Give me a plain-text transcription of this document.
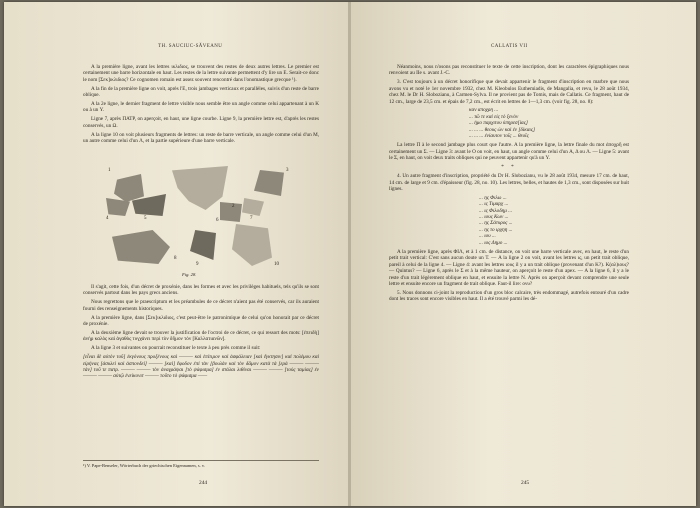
TH. SAUCIUC-SĂVEANU

A la première ligne, avant les lettres ικλιδιος, se trouvent des restes de deux autres lettres. Le premier est certainement une barre horizontale en haut. Les restes de la lettre suivante permettent d'y lire un Ε. Serait-ce donc le nom [Σεκ]ικλιδιος? Ce cognomen romain est assez souvent rencontré dans l'onomastique grecque ¹).

A la fin de la première ligne on voit, après l'Ε, trois jambages verticaux et parallèles, suivis d'un reste de barre oblique.

A la 2e ligne, le dernier fragment de lettre visible nous semble être un angle comme celui appartenant à un Κ ou à un Υ.

Ligne 7, après ΠΑΤΡ, on aperçoit, en haut, une ligne courbe. Ligne 9, la première lettre est, d'après les restes conservés, un Ω.

A la ligne 10 on voit plusieurs fragments de lettres: un reste de barre verticale, un angle comme celui d'un Μ, un autre comme celui d'un Λ, et la partie supérieure d'une barre verticale.

1
2
3
4	5	6	7
8
9	10
Fig. 28.

Il s'agit, cette fois, d'un décret de proxénie, dans les formes et avec les privilèges habituels, tels qu'ils se sont conservés partout dans les pays grecs anciens.

Nous regrettons que le praescriptum et les préambules de ce décret n'aient pas été conservés, car ils auraient fourni des renseignements historiques.

A la première ligne, dans [Σεκ]ικλιδιος, c'est peut-être le patronimique de celui qu'on honorait par ce décret de proxénie.

A la deuxième ligne devait se trouver la justification de l'octroi de ce décret, ce qui ressort des mots: [ἐπειδὴ] ἀνὴρ καλὸς καὶ ἀγαθὸς τυγχάνει περὶ τὸν δῆμον τὸν [Καλλατιανῶν].

A la ligne 3 et suivantes on pourrait reconstituer le texte à peu près comme il suit:

[εἶναι δὲ αὐτὸν τοῦ] ἐκγόνους προξένους καὶ ——— καὶ ἐπίτιμον καὶ ἀσφάλειαν [καὶ ἔγκτησιν] καὶ πολέμου καὶ εἰρήνας [ἀσυλεὶ καὶ ἀσπονδεὶ] ——— [καὶ] ἔφοδον ἐπὶ τὰν [βουλὰν καὶ τὸν δᾶμον κατὰ τὰ [ερά ——— ——— τὰν] τοῦ τε πατρ. ——— ——— τὸν ἀναγράψαι [τὸ ψάφισμα] ἐν στάλαι λιθίναι ——— ——— [τοὺς ταμίας] ἐν ——— ——— αὐτῷ ἐνείκονιτ ——— τοῦτο τὸ ψάφισμα ——

¹) V. Pape-Benseler, Wörterbuch der griechischen Eigennamen, s. v.
244
CALLATIS VII

Néanmoins, nous n'osons pas reconstituer le texte de cette inscription, dont les caractères épigraphiques nous renvoient au IIe s. avant J.-C.

3. C'est toujours à un décret honorifique que devait appartenir le fragment d'inscription en marbre que nous avons vu et noté le 1er novembre 1932, chez M. Kleobulos Euthemiadis, de Mangalia, et revu, le 28 août 1934, chez M. le Dr H. Slobozianu, à Carmen-Sylva. Il ne provient pas de Tomis, mais de Callatis. Ce fragment, haut de 12 cm., large de 23,5 cm. et épais de 7,2 cm., est écrit en lettres de 1—1,3 cm. (voir fig. 28, no. 8):

καν αποχρη ...
... τῶ τε καὶ εἰς τὸ ξενὸν
... ἡμο παρχιτου ὑπηρεσ[ίας]
... ... ... θεους ών καὶ ἐν [δίκαις]
... ... ... ἐνίαυτον τοῖς ... θεοῖς

La lettre Π à le second jambage plus court que l'autre. A la première ligne, la lettre finale du mot ἀποχρῆ est certainement un Σ. — Ligne 3: avant le Ο on voit, en haut, un angle comme celui d'un Α, Δ ou Λ. — Ligne 5: avant le Σ, en haut, on voit deux traits obliques qui ne peuvent appartenir qu'à un Υ.

* *

4. Un autre fragment d'inscription, propriété du Dr H. Slobozianu, vu le 28 août 1934, mesure 17 cm. de haut, 14 cm. de large et 9 cm. d'épaisseur (fig. 28, no. 10). Les lettres, belles, et hautes de 1,3 cm., sont disposées sur huit lignes.

... ης Φιλω ...
... ις Τιμαρχ ...
... ις Φιλοδημ ...
... ιους Κων ...
... ης Σάτυρος ...
... ης το ιρχηη ...
... ιου ...
... ιος Δημο ...

A la première ligne, après ΦΙΛ, et à 1 cm. de distance, on voit une barre verticale avec, en haut, le reste d'un petit trait vertical: C'est sans aucun doute un Τ. — A la ligne 2 on voit, avant les lettres ις, un petit trait oblique, pareil à celui de la ligne 4. — Ligne 4: avant les lettres ιους il y a un trait oblique (provenant d'un Κ?). Κ(αλ)ιους? — Quintus? — Ligne 6, après le Σ et à la même hauteur, on aperçoit le reste d'un apex. — A la ligne 6, il y a le reste d'un trait légèrement oblique en haut, et ensuite la lettre Ν. Après on aperçoit devant comprendre une seule lettre et ensuite encore un fragment de trait oblique. Faut-il lire: ονυ?

5. Nous donnons ci-joint la reproduction d'un gros bloc calcaire, très endommagé, autrefois entouré d'un cadre dont les traces sont encore visibles en haut. Il a été trouvé parmi les dé-

245
